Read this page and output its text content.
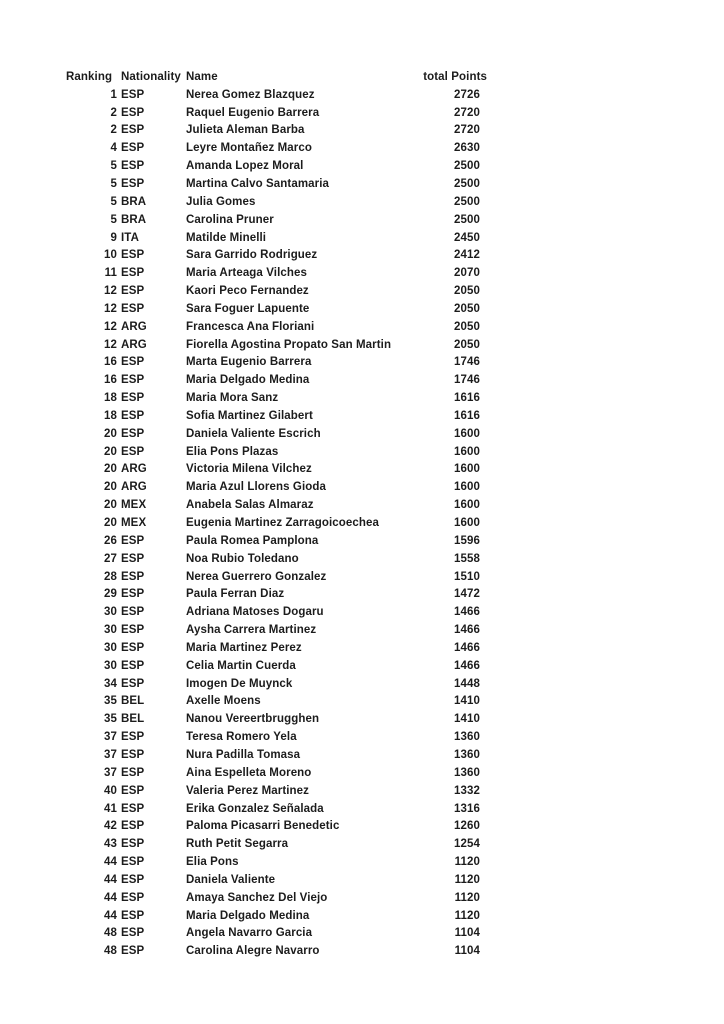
Ranking Nationality Name	total Points
1 ESP	Nerea Gomez Blazquez	2726
2 ESP	Raquel Eugenio Barrera	2720
2 ESP	Julieta Aleman Barba	2720
4 ESP	Leyre Montañez Marco	2630
5 ESP	Amanda Lopez Moral	2500
5 ESP	Martina Calvo Santamaria	2500
5 BRA	Julia Gomes	2500
5 BRA	Carolina Pruner	2500
9 ITA	Matilde Minelli	2450
10 ESP	Sara Garrido Rodriguez	2412
11 ESP	Maria Arteaga Vilches	2070
12 ESP	Kaori Peco Fernandez	2050
12 ESP	Sara Foguer Lapuente	2050
12 ARG	Francesca Ana Floriani	2050
12 ARG	Fiorella Agostina Propato San Martin	2050
16 ESP	Marta Eugenio Barrera	1746
16 ESP	Maria Delgado Medina	1746
18 ESP	Maria Mora Sanz	1616
18 ESP	Sofia Martinez Gilabert	1616
20 ESP	Daniela Valiente Escrich	1600
20 ESP	Elia Pons Plazas	1600
20 ARG	Victoria Milena Vilchez	1600
20 ARG	Maria Azul Llorens Gioda	1600
20 MEX	Anabela Salas Almaraz	1600
20 MEX	Eugenia Martinez Zarragoicoechea	1600
26 ESP	Paula Romea Pamplona	1596
27 ESP	Noa Rubio Toledano	1558
28 ESP	Nerea Guerrero Gonzalez	1510
29 ESP	Paula Ferran Diaz	1472
30 ESP	Adriana Matoses Dogaru	1466
30 ESP	Aysha Carrera Martinez	1466
30 ESP	Maria Martinez Perez	1466
30 ESP	Celia Martin Cuerda	1466
34 ESP	Imogen De Muynck	1448
35 BEL	Axelle Moens	1410
35 BEL	Nanou Vereertbrugghen	1410
37 ESP	Teresa Romero Yela	1360
37 ESP	Nura Padilla Tomasa	1360
37 ESP	Aina Espelleta Moreno	1360
40 ESP	Valeria Perez Martinez	1332
41 ESP	Erika Gonzalez Señalada	1316
42 ESP	Paloma Picasarri Benedetic	1260
43 ESP	Ruth Petit Segarra	1254
44 ESP	Elia Pons	1120
44 ESP	Daniela Valiente	1120
44 ESP	Amaya Sanchez Del Viejo	1120
44 ESP	Maria Delgado Medina	1120
48 ESP	Angela Navarro Garcia	1104
48 ESP	Carolina Alegre Navarro	1104
